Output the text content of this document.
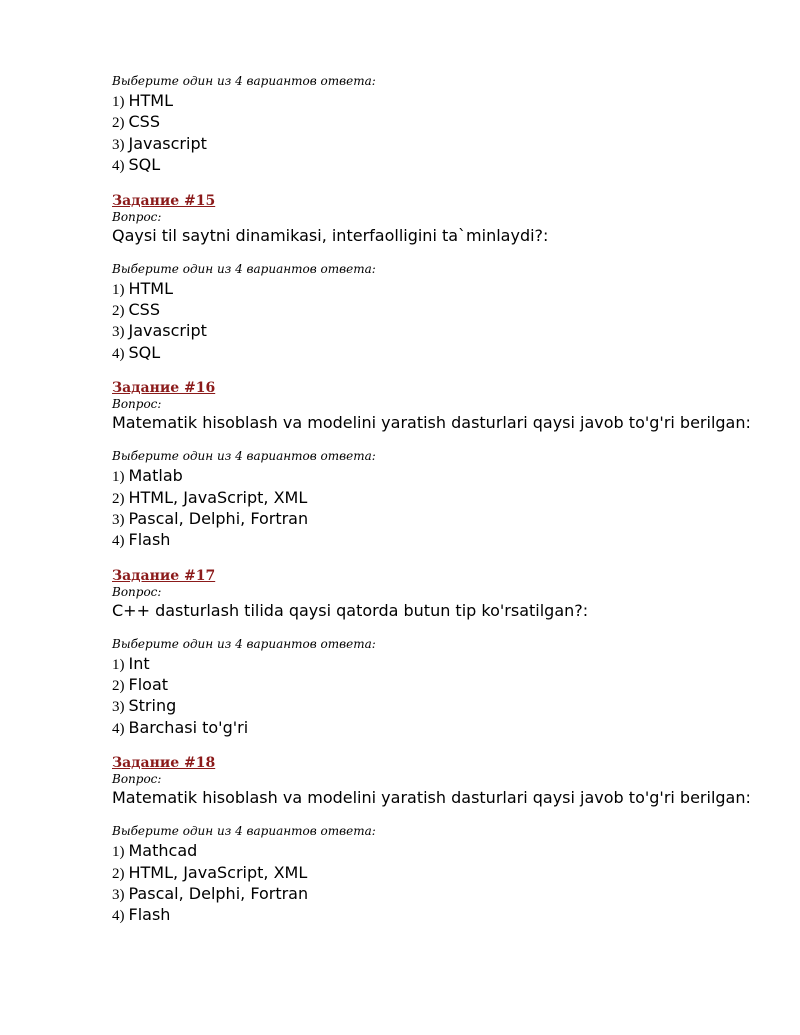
Выберите один из 4 вариантов ответа:
1) HTML
2) CSS
3) Javascript
4) SQL
Задание #15
Вопрос:
Qaysi til saytni dinamikasi, interfaolligini ta`minlaydi?:
Выберите один из 4 вариантов ответа:
1) HTML
2) CSS
3) Javascript
4) SQL
Задание #16
Вопрос:
Matematik hisoblash va modelini yaratish dasturlari qaysi javob to'g'ri berilgan:
Выберите один из 4 вариантов ответа:
1) Matlab
2) HTML, JavaScript, XML
3) Pascal, Delphi, Fortran
4) Flash
Задание #17
Вопрос:
C++ dasturlash tilida qaysi qatorda butun tip ko'rsatilgan?:
Выберите один из 4 вариантов ответа:
1) Int
2) Float
3) String
4) Barchasi to'g'ri
Задание #18
Вопрос:
Matematik hisoblash va modelini yaratish dasturlari qaysi javob to'g'ri berilgan:
Выберите один из 4 вариантов ответа:
1) Mathcad
2) HTML, JavaScript, XML
3) Pascal, Delphi, Fortran
4) Flash
